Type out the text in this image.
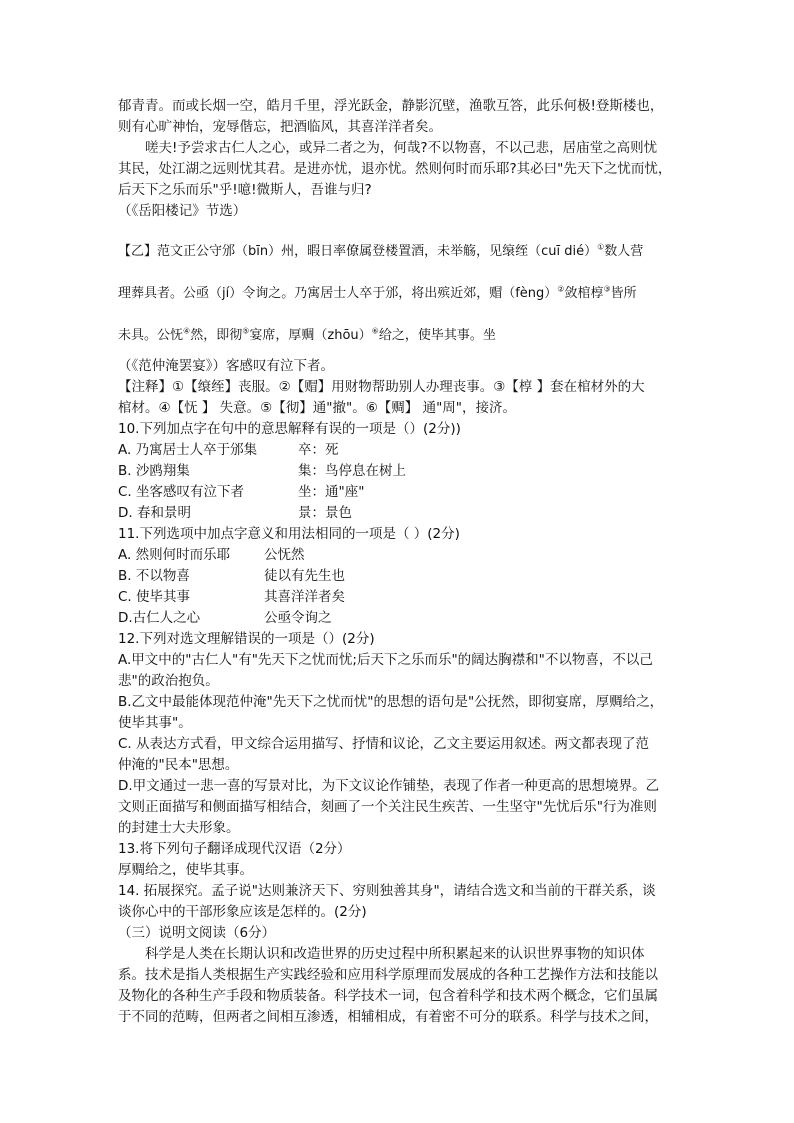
郁青青。而或长烟一空，皓月千里，浮光跃金，静影沉壁，渔歌互答，此乐何极!登斯楼也，

则有心旷神怡，宠辱偕忘，把酒临风，其喜洋洋者矣。

嗟夫!予尝求古仁人之心，或异二者之为，何哉?不以物喜，不以己悲，居庙堂之高则忧

其民，处江湖之远则忧其君。是进亦忧，退亦忧。然则何时而乐耶?其必曰"先天下之忧而忧，

后天下之乐而乐"乎!噫!微斯人，吾谁与归?

（《岳阳楼记》节选）

【乙】范文正公守邠（bīn）州，暇日率僚属登楼置酒，未举觞，见缞绖（cuī dié）①数人营

理葬具者。公亟（jí）令询之。乃寓居士人卒于邠，将出殡近郊，赗（fèng）②敛棺椁③皆所

未具。公怃④然，即彻⑤宴席，厚赒（zhōu）⑥给之，使毕其事。坐

（《范仲淹罢宴》）客感叹有泣下者。

【注释】①【缞绖】丧服。②【赗】用财物帮助别人办理丧事。③【椁 】套在棺材外的大

棺材。④【怃 】 失意。⑤【彻】通"撤"。⑥【赒】 通"周"，接济。

10.下列加点字在句中的意思解释有误的一项是（）(2分))

A. 乃寓居士人卒于邠集	卒：死
B. 沙鸥翔集	集：鸟停息在树上
C. 坐客感叹有泣下者	坐：通"座"
D. 春和景明	景：景色

11.下列选项中加点字意义和用法相同的一项是（ ）(2分)

A. 然则何时而乐耶	公怃然
B. 不以物喜	徒以有先生也
C. 使毕其事	其喜洋洋者矣
D.古仁人之心	公亟令询之

12.下列对选文理解错误的一项是（）(2分)

A.甲文中的"古仁人"有"先天下之忧而忧;后天下之乐而乐"的阔达胸襟和"不以物喜，不以己

悲"的政治抱负。

B.乙文中最能体现范仲淹"先天下之忧而忧"的思想的语句是"公抚然，即彻宴席，厚赒给之，

使毕其事"。

C. 从表达方式看，甲文综合运用描写、抒情和议论，乙文主要运用叙述。两文都表现了范

仲淹的"民本"思想。

D.甲文通过一悲一喜的写景对比，为下文议论作铺垫，表现了作者一种更高的思想境界。乙

文则正面描写和侧面描写相结合，刻画了一个关注民生疾苦、一生坚守"先忧后乐"行为准则

的封建士大夫形象。

13.将下列句子翻译成现代汉语（2分）

厚赒给之，使毕其事。

14. 拓展探究。孟子说"达则兼济天下、穷则独善其身"，请结合选文和当前的干群关系，谈

谈你心中的干部形象应该是怎样的。(2分)

（三）说明文阅读（6分）

科学是人类在长期认识和改造世界的历史过程中所积累起来的认识世界事物的知识体

系。技术是指人类根据生产实践经验和应用科学原理而发展成的各种工艺操作方法和技能以

及物化的各种生产手段和物质装备。科学技术一词，包含着科学和技术两个概念，它们虽属

于不同的范畴，但两者之间相互渗透，相辅相成，有着密不可分的联系。科学与技术之间，
